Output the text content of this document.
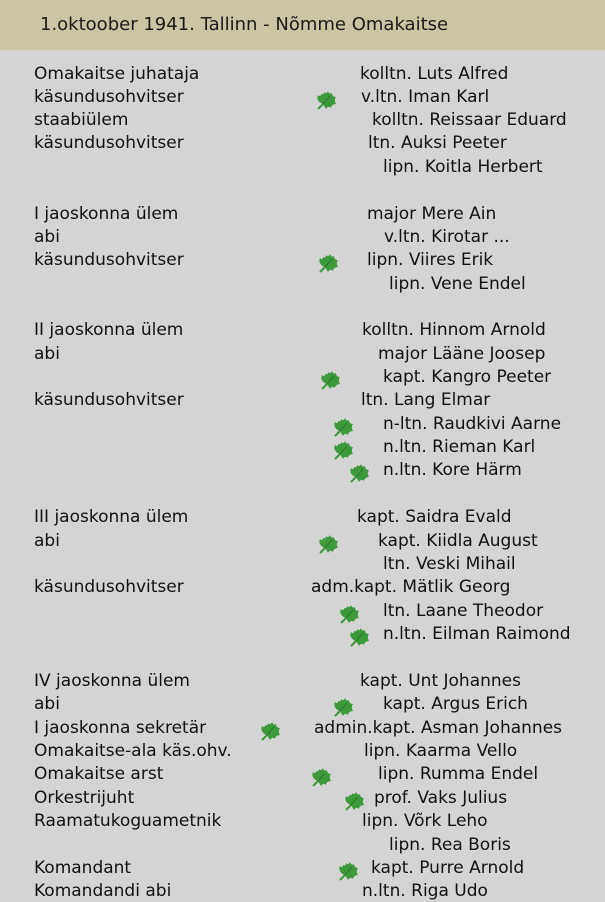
1.oktoober 1941. Tallinn - Nõmme Omakaitse
Omakaitse juhataja	kolltn. Luts Alfred
käsundusohvitser	v.ltn. Iman Karl
staabiülem	kolltn. Reissaar Eduard
käsundusohvitser	ltn. Auksi Peeter
lipn. Koitla Herbert
I jaoskonna ülem	major Mere Ain
abi	v.ltn. Kirotar ...
käsundusohvitser	lipn. Viires Erik
lipn. Vene Endel
II jaoskonna ülem	kolltn. Hinnom Arnold
abi	major Lääne Joosep
kapt. Kangro Peeter
käsundusohvitser	ltn. Lang Elmar
n-ltn. Raudkivi Aarne
n.ltn. Rieman Karl
n.ltn. Kore Härm
III jaoskonna ülem	kapt. Saidra Evald
abi	kapt. Kiidla August
ltn. Veski Mihail
käsundusohvitser	adm.kapt. Mätlik Georg
ltn. Laane Theodor
n.ltn. Eilman Raimond
IV jaoskonna ülem	kapt. Unt Johannes
abi	kapt. Argus Erich
I jaoskonna sekretär	admin.kapt. Asman Johannes
Omakaitse-ala käs.ohv.	lipn. Kaarma Vello
Omakaitse arst	lipn. Rumma Endel
Orkestrijuht	prof. Vaks Julius
Raamatukoguametnik	lipn. Võrk Leho
lipn. Rea Boris
Komandant	kapt. Purre Arnold
Komandandi abi	n.ltn. Riga Udo
